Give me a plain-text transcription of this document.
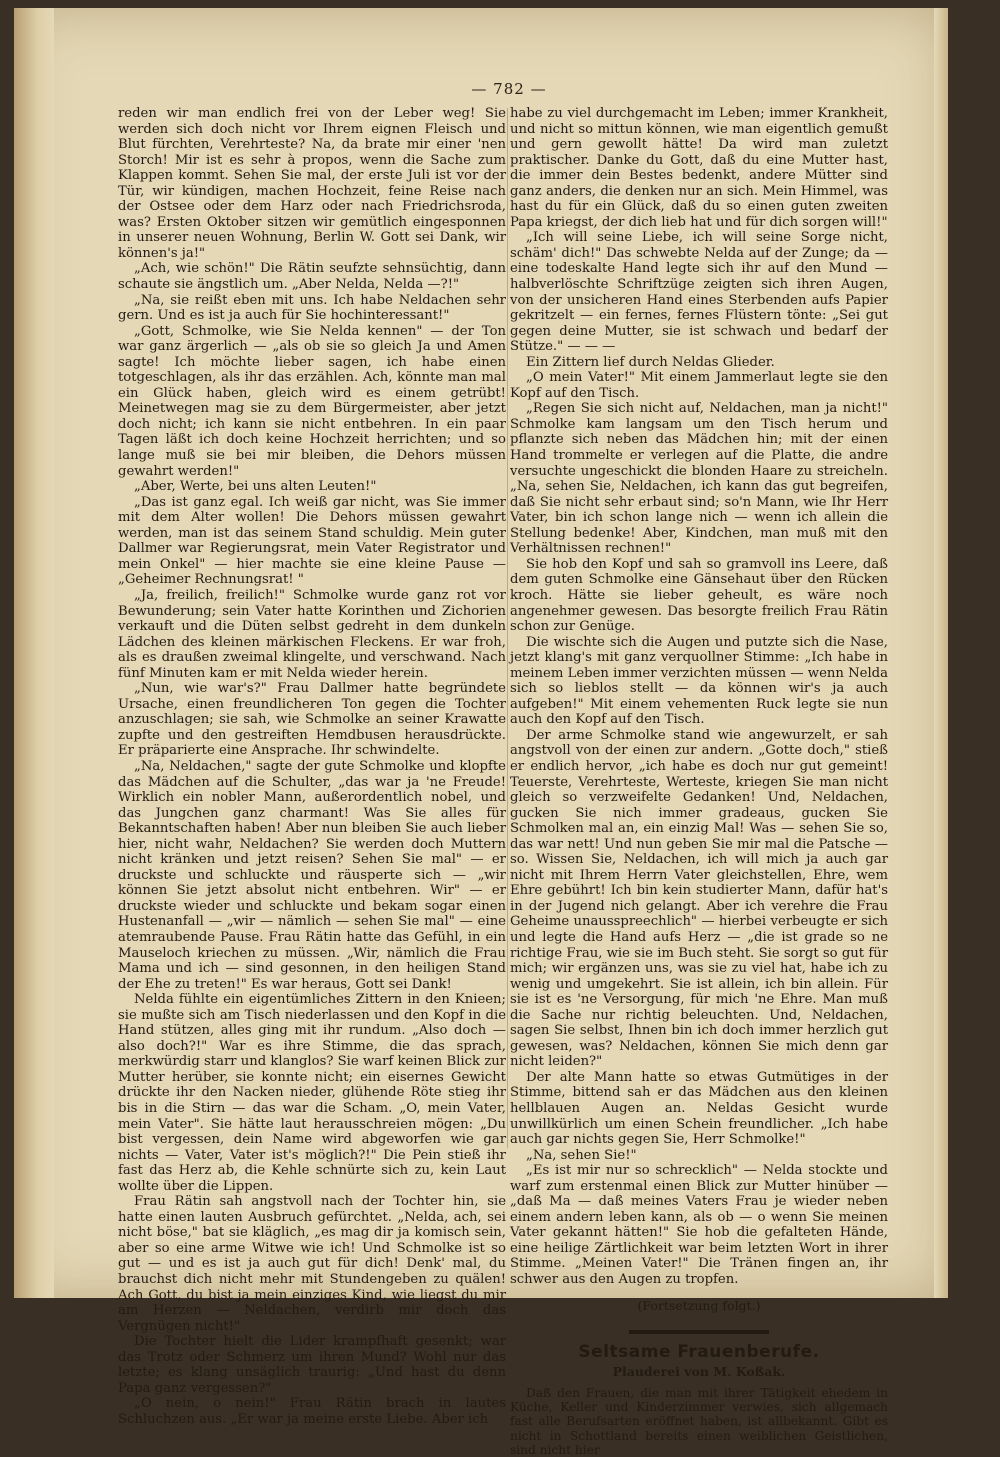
— 782 —

reden wir man endlich frei von der Leber weg! Sie werden sich doch nicht vor Ihrem eignen Fleisch und Blut fürchten, Verehrteste? Na, da brate mir einer 'nen Storch! Mir ist es sehr à propos, wenn die Sache zum Klappen kommt. Sehen Sie mal, der erste Juli ist vor der Tür, wir kündigen, machen Hochzeit, feine Reise nach der Ostsee oder dem Harz oder nach Friedrichsroda, was? Ersten Oktober sitzen wir gemütlich eingesponnen in unserer neuen Wohnung, Berlin W. Gott sei Dank, wir können's ja!"

„Ach, wie schön!" Die Rätin seufzte sehnsüchtig, dann schaute sie ängstlich um. „Aber Nelda, Nelda —?!"

„Na, sie reißt eben mit uns. Ich habe Neldachen sehr gern. Und es ist ja auch für Sie hochinteressant!"

„Gott, Schmolke, wie Sie Nelda kennen" — der Ton war ganz ärgerlich — „als ob sie so gleich Ja und Amen sagte! Ich möchte lieber sagen, ich habe einen totgeschlagen, als ihr das erzählen. Ach, könnte man mal ein Glück haben, gleich wird es einem getrübt! Meinetwegen mag sie zu dem Bürgermeister, aber jetzt doch nicht; ich kann sie nicht entbehren. In ein paar Tagen läßt ich doch keine Hochzeit herrichten; und so lange muß sie bei mir bleiben, die Dehors müssen gewahrt werden!"

„Aber, Werte, bei uns alten Leuten!"

„Das ist ganz egal. Ich weiß gar nicht, was Sie immer mit dem Alter wollen! Die Dehors müssen gewahrt werden, man ist das seinem Stand schuldig. Mein guter Dallmer war Regierungsrat, mein Vater Registrator und mein Onkel" — hier machte sie eine kleine Pause — „Geheimer Rechnungsrat! "

„Ja, freilich, freilich!" Schmolke wurde ganz rot vor Bewunderung; sein Vater hatte Korinthen und Zichorien verkauft und die Düten selbst gedreht in dem dunkeln Lädchen des kleinen märkischen Fleckens. Er war froh, als es draußen zweimal klingelte, und verschwand. Nach fünf Minuten kam er mit Nelda wieder herein.

„Nun, wie war's?" Frau Dallmer hatte begründete Ursache, einen freundlicheren Ton gegen die Tochter anzuschlagen; sie sah, wie Schmolke an seiner Krawatte zupfte und den gestreiften Hemdbusen herausdrückte. Er präparierte eine Ansprache. Ihr schwindelte.

„Na, Neldachen," sagte der gute Schmolke und klopfte das Mädchen auf die Schulter, „das war ja 'ne Freude! Wirklich ein nobler Mann, außerordentlich nobel, und das Jungchen ganz charmant! Was Sie alles für Bekanntschaften haben! Aber nun bleiben Sie auch lieber hier, nicht wahr, Neldachen? Sie werden doch Muttern nicht kränken und jetzt reisen? Sehen Sie mal" — er druckste und schluckte und räusperte sich — „wir können Sie jetzt absolut nicht entbehren. Wir" — er druckste wieder und schluckte und bekam sogar einen Hustenanfall — „wir — nämlich — sehen Sie mal" — eine atemraubende Pause. Frau Rätin hatte das Gefühl, in ein Mauseloch kriechen zu müssen. „Wir, nämlich die Frau Mama und ich — sind gesonnen, in den heiligen Stand der Ehe zu treten!" Es war heraus, Gott sei Dank!

Nelda fühlte ein eigentümliches Zittern in den Knieen; sie mußte sich am Tisch niederlassen und den Kopf in die Hand stützen, alles ging mit ihr rundum. „Also doch — also doch?!" War es ihre Stimme, die das sprach, merkwürdig starr und klanglos? Sie warf keinen Blick zur Mutter herüber, sie konnte nicht; ein eisernes Gewicht drückte ihr den Nacken nieder, glühende Röte stieg ihr bis in die Stirn — das war die Scham. „O, mein Vater, mein Vater". Sie hätte laut herausschreien mögen: „Du bist vergessen, dein Name wird abgeworfen wie gar nichts — Vater, Vater ist's möglich?!" Die Pein stieß ihr fast das Herz ab, die Kehle schnürte sich zu, kein Laut wollte über die Lippen.

Frau Rätin sah angstvoll nach der Tochter hin, sie hatte einen lauten Ausbruch gefürchtet. „Nelda, ach, sei nicht böse," bat sie kläglich, „es mag dir ja komisch sein, aber so eine arme Witwe wie ich! Und Schmolke ist so gut — und es ist ja auch gut für dich! Denk' mal, du brauchst dich nicht mehr mit Stundengeben zu quälen! Ach Gott, du bist ja mein einziges Kind, wie liegst du mir am Herzen — Neldachen, verdirb mir doch das Vergnügen nicht!"

Die Tochter hielt die Lider krampfhaft gesenkt; war das Trotz oder Schmerz um ihren Mund? Wohl nur das letzte; es klang unsäglich traurig: „Und hast du denn Papa ganz vergessen?"

„O nein, o nein!" Frau Rätin brach in lautes Schluchzen aus. „Er war ja meine erste Liebe. Aber ich

habe zu viel durchgemacht im Leben; immer Krankheit, und nicht so mittun können, wie man eigentlich gemußt und gern gewollt hätte! Da wird man zuletzt praktischer. Danke du Gott, daß du eine Mutter hast, die immer dein Bestes bedenkt, andere Mütter sind ganz anders, die denken nur an sich. Mein Himmel, was hast du für ein Glück, daß du so einen guten zweiten Papa kriegst, der dich lieb hat und für dich sorgen will!"

„Ich will seine Liebe, ich will seine Sorge nicht, schäm' dich!" Das schwebte Nelda auf der Zunge; da — eine todeskalte Hand legte sich ihr auf den Mund — halbverlöschte Schriftzüge zeigten sich ihren Augen, von der unsicheren Hand eines Sterbenden aufs Papier gekritzelt — ein fernes, fernes Flüstern tönte: „Sei gut gegen deine Mutter, sie ist schwach und bedarf der Stütze." — — —

Ein Zittern lief durch Neldas Glieder.

„O mein Vater!" Mit einem Jammerlaut legte sie den Kopf auf den Tisch.

„Regen Sie sich nicht auf, Neldachen, man ja nicht!" Schmolke kam langsam um den Tisch herum und pflanzte sich neben das Mädchen hin; mit der einen Hand trommelte er verlegen auf die Platte, die andre versuchte ungeschickt die blonden Haare zu streicheln. „Na, sehen Sie, Neldachen, ich kann das gut begreifen, daß Sie nicht sehr erbaut sind; so'n Mann, wie Ihr Herr Vater, bin ich schon lange nich — wenn ich allein die Stellung bedenke! Aber, Kindchen, man muß mit den Verhältnissen rechnen!"

Sie hob den Kopf und sah so gramvoll ins Leere, daß dem guten Schmolke eine Gänsehaut über den Rücken kroch. Hätte sie lieber geheult, es wäre noch angenehmer gewesen. Das besorgte freilich Frau Rätin schon zur Genüge.

Die wischte sich die Augen und putzte sich die Nase, jetzt klang's mit ganz verquollner Stimme: „Ich habe in meinem Leben immer verzichten müssen — wenn Nelda sich so lieblos stellt — da können wir's ja auch aufgeben!" Mit einem vehementen Ruck legte sie nun auch den Kopf auf den Tisch.

Der arme Schmolke stand wie angewurzelt, er sah angstvoll von der einen zur andern. „Gotte doch," stieß er endlich hervor, „ich habe es doch nur gut gemeint! Teuerste, Verehrteste, Werteste, kriegen Sie man nicht gleich so verzweifelte Gedanken! Und, Neldachen, gucken Sie nich immer gradeaus, gucken Sie Schmolken mal an, ein einzig Mal! Was — sehen Sie so, das war nett! Und nun geben Sie mir mal die Patsche — so. Wissen Sie, Neldachen, ich will mich ja auch gar nicht mit Ihrem Herrn Vater gleichstellen, Ehre, wem Ehre gebührt! Ich bin kein studierter Mann, dafür hat's in der Jugend nich gelangt. Aber ich verehre die Frau Geheime unausspreechlich" — hierbei verbeugte er sich und legte die Hand aufs Herz — „die ist grade so ne richtige Frau, wie sie im Buch steht. Sie sorgt so gut für mich; wir ergänzen uns, was sie zu viel hat, habe ich zu wenig und umgekehrt. Sie ist allein, ich bin allein. Für sie ist es 'ne Versorgung, für mich 'ne Ehre. Man muß die Sache nur richtig beleuchten. Und, Neldachen, sagen Sie selbst, Ihnen bin ich doch immer herzlich gut gewesen, was? Neldachen, können Sie mich denn gar nicht leiden?"

Der alte Mann hatte so etwas Gutmütiges in der Stimme, bittend sah er das Mädchen aus den kleinen hellblauen Augen an. Neldas Gesicht wurde unwillkürlich um einen Schein freundlicher. „Ich habe auch gar nichts gegen Sie, Herr Schmolke!"

„Na, sehen Sie!"

„Es ist mir nur so schrecklich" — Nelda stockte und warf zum erstenmal einen Blick zur Mutter hinüber — „daß Ma — daß meines Vaters Frau je wieder neben einem andern leben kann, als ob — o wenn Sie meinen Vater gekannt hätten!" Sie hob die gefalteten Hände, eine heilige Zärtlichkeit war beim letzten Wort in ihrer Stimme. „Meinen Vater!" Die Tränen fingen an, ihr schwer aus den Augen zu tropfen.

(Fortsetzung folgt.)
Seltsame Frauenberufe.
Plauderei von M. Koßak.

Daß den Frauen, die man mit ihrer Tätigkeit ehedem in Küche, Keller und Kinderzimmer verwies, sich allgemach fast alle Berufsarten eröffnet haben, ist allbekannt. Gibt es nicht in Schottland bereits einen weiblichen Geistlichen, sind nicht hier
